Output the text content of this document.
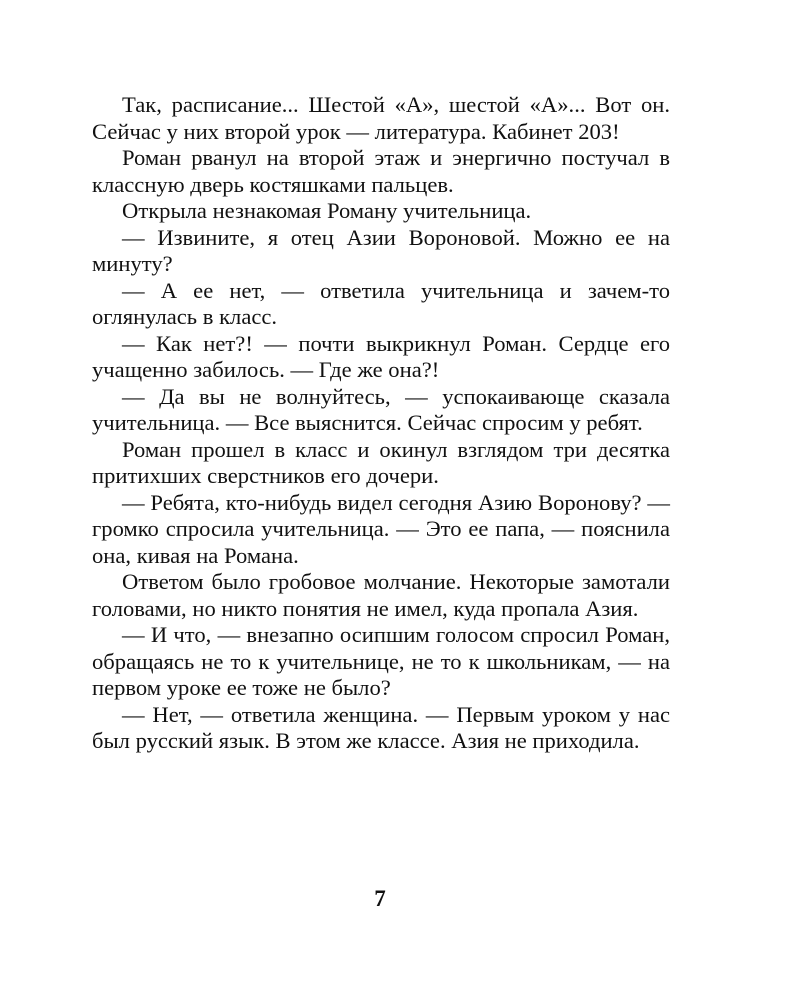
Так, расписание... Шестой «А», шестой «А»... Вот он. Сейчас у них второй урок — литература. Кабинет 203!

Роман рванул на второй этаж и энергично постучал в классную дверь костяшками пальцев.

Открыла незнакомая Роману учительница.

— Извините, я отец Азии Вороновой. Можно ее на минуту?

— А ее нет, — ответила учительница и зачем-то оглянулась в класс.

— Как нет?! — почти выкрикнул Роман. Сердце его учащенно забилось. — Где же она?!

— Да вы не волнуйтесь, — успокаивающе сказала учительница. — Все выяснится. Сейчас спросим у ребят.

Роман прошел в класс и окинул взглядом три десятка притихших сверстников его дочери.

— Ребята, кто-нибудь видел сегодня Азию Воронову? — громко спросила учительница. — Это ее папа, — пояснила она, кивая на Романа.

Ответом было гробовое молчание. Некоторые замотали головами, но никто понятия не имел, куда пропала Азия.

— И что, — внезапно осипшим голосом спросил Роман, обращаясь не то к учительнице, не то к школьникам, — на первом уроке ее тоже не было?

— Нет, — ответила женщина. — Первым уроком у нас был русский язык. В этом же классе. Азия не приходила.

7
